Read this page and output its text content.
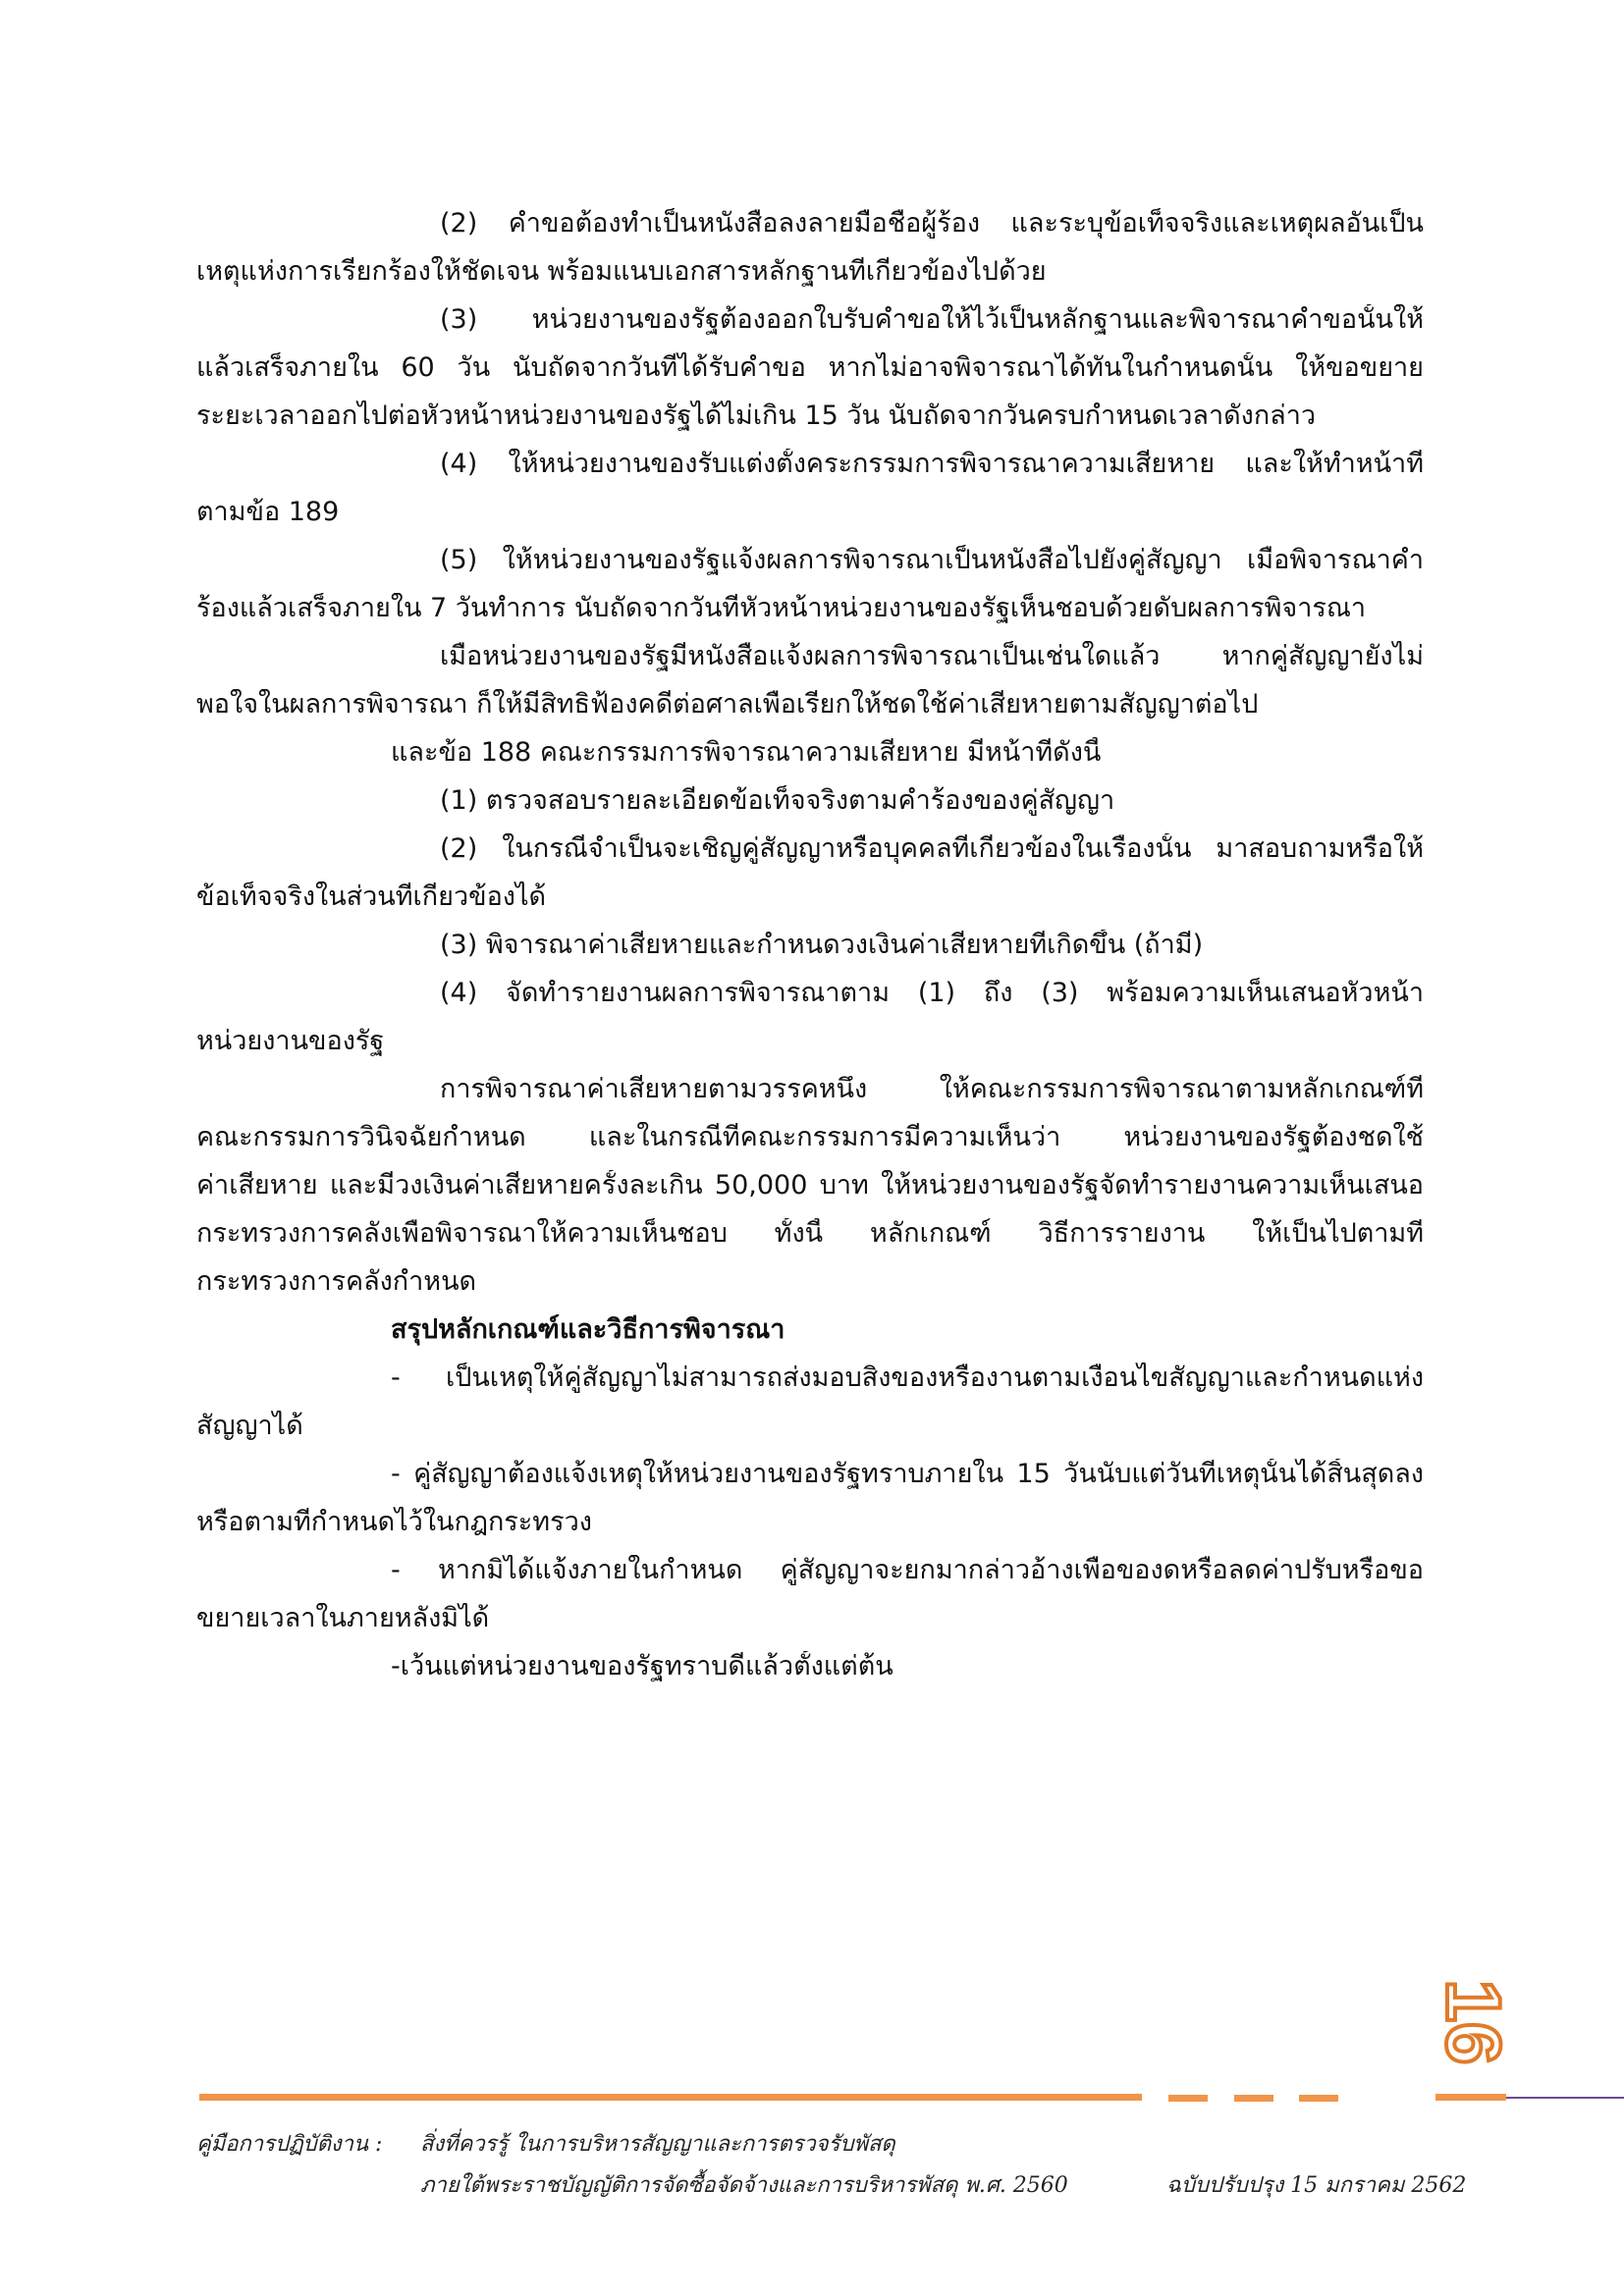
(2) คำขอต้องทำเป็นหนังสือลงลายมือชื่อผู้ร้อง และระบุข้อเท็จจริงและเหตุผลอันเป็น
เหตุแห่งการเรียกร้องให้ชัดเจน พร้อมแนบเอกสารหลักฐานที่เกี่ยวข้องไปด้วย
(3) หน่วยงานของรัฐต้องออกใบรับคำขอให้ไว้เป็นหลักฐานและพิจารณาคำขอนั้นให้
แล้วเสร็จภายใน 60 วัน นับถัดจากวันที่ได้รับคำขอ หากไม่อาจพิจารณาได้ทันในกำหนดนั้น ให้ขอขยาย
ระยะเวลาออกไปต่อหัวหน้าหน่วยงานของรัฐได้ไม่เกิน 15 วัน นับถัดจากวันครบกำหนดเวลาดังกล่าว
(4) ให้หน่วยงานของรับแต่งตั้งคระกรรมการพิจารณาความเสียหาย และให้ทำหน้าที่
ตามข้อ 189
(5) ให้หน่วยงานของรัฐแจ้งผลการพิจารณาเป็นหนังสือไปยังคู่สัญญา เมื่อพิจารณาคำ
ร้องแล้วเสร็จภายใน 7 วันทำการ นับถัดจากวันที่หัวหน้าหน่วยงานของรัฐเห็นชอบด้วยดับผลการพิจารณา
เมื่อหน่วยงานของรัฐมีหนังสือแจ้งผลการพิจารณาเป็นเช่นใดแล้ว หากคู่สัญญายังไม่
พอใจในผลการพิจารณา ก็ให้มีสิทธิฟ้องคดีต่อศาลเพื่อเรียกให้ชดใช้ค่าเสียหายตามสัญญาต่อไป
และข้อ 188 คณะกรรมการพิจารณาความเสียหาย มีหน้าที่ดังนี้
(1) ตรวจสอบรายละเอียดข้อเท็จจริงตามคำร้องของคู่สัญญา
(2) ในกรณีจำเป็นจะเชิญคู่สัญญาหรือบุคคลที่เกี่ยวข้องในเรื่องนั้น มาสอบถามหรือให้
ข้อเท็จจริงในส่วนที่เกี่ยวข้องได้
(3) พิจารณาค่าเสียหายและกำหนดวงเงินค่าเสียหายที่เกิดขึ้น (ถ้ามี)
(4) จัดทำรายงานผลการพิจารณาตาม (1) ถึง (3) พร้อมความเห็นเสนอหัวหน้า
หน่วยงานของรัฐ
การพิจารณาค่าเสียหายตามวรรคหนึ่ง ให้คณะกรรมการพิจารณาตามหลักเกณฑ์ที่
คณะกรรมการวินิจฉัยกำหนด และในกรณีที่คณะกรรมการมีความเห็นว่า หน่วยงานของรัฐต้องชดใช้
ค่าเสียหาย และมีวงเงินค่าเสียหายครั้งละเกิน 50,000 บาท ให้หน่วยงานของรัฐจัดทำรายงานความเห็นเสนอ
กระทรวงการคลังเพื่อพิจารณาให้ความเห็นชอบ ทั้งนี้ หลักเกณฑ์ วิธีการรายงาน ให้เป็นไปตามที่
กระทรวงการคลังกำหนด
สรุปหลักเกณฑ์และวิธีการพิจารณา
- เป็นเหตุให้คู่สัญญาไม่สามารถส่งมอบสิ่งของหรืองานตามเงื่อนไขสัญญาและกำหนดแห่ง
สัญญาได้
- คู่สัญญาต้องแจ้งเหตุให้หน่วยงานของรัฐทราบภายใน 15 วันนับแต่วันที่เหตุนั้นได้สิ้นสุดลง
หรือตามที่กำหนดไว้ในกฎกระทรวง
- หากมิได้แจ้งภายในกำหนด คู่สัญญาจะยกมากล่าวอ้างเพื่อของดหรือลดค่าปรับหรือขอ
ขยายเวลาในภายหลังมิได้
-เว้นแต่หน่วยงานของรัฐทราบดีแล้วตั้งแต่ต้น
16
คู่มือการปฏิบัติงาน : สิ่งที่ควรรู้ ในการบริหารสัญญาและการตรวจรับพัสดุ
ภายใต้พระราชบัญญัติการจัดซื้อจัดจ้างและการบริหารพัสดุ พ.ศ. 2560	ฉบับปรับปรุง 15 มกราคม 2562
